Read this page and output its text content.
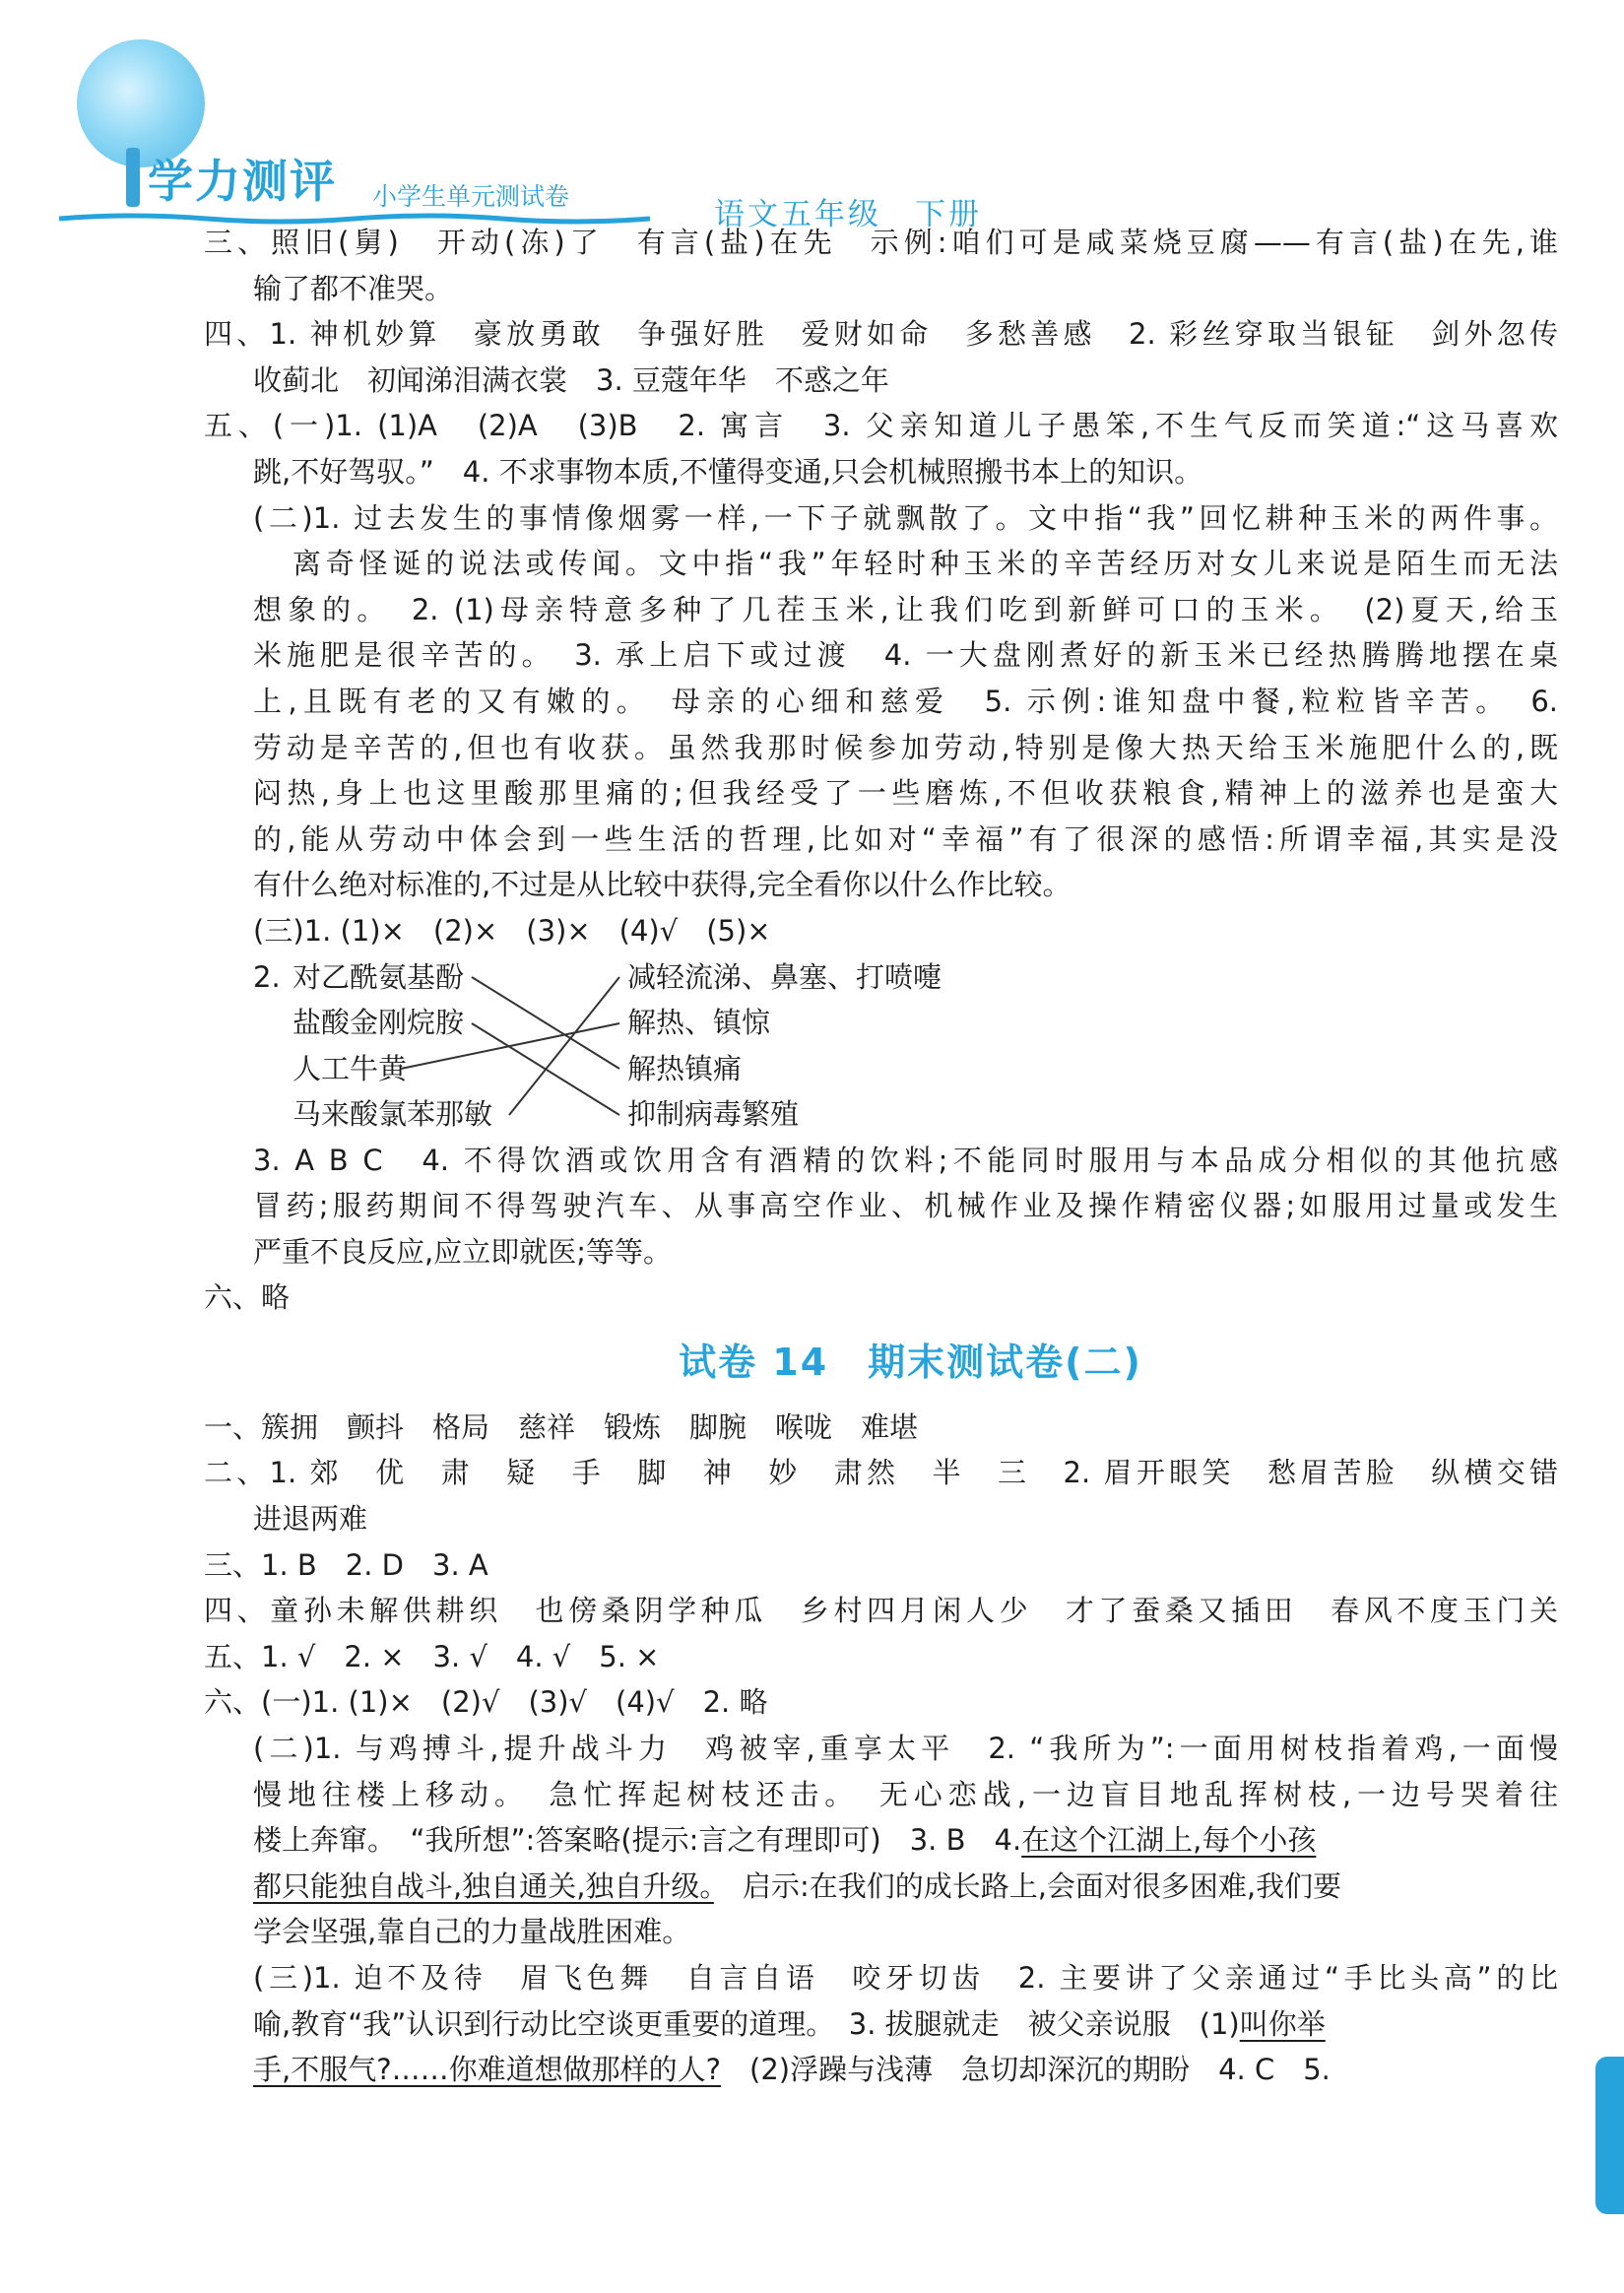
学力测评 小学生单元测试卷
语文五年级　下册
三、照旧(舅)　开动(冻)了　有言(盐)在先　示例:咱们可是咸菜烧豆腐——有言(盐)在先,谁
输了都不准哭。
四、1. 神机妙算　豪放勇敢　争强好胜　爱财如命　多愁善感　2. 彩丝穿取当银钲　剑外忽传
收蓟北　初闻涕泪满衣裳　3. 豆蔻年华　不惑之年
五、(一)1. (1)A　(2)A　(3)B　2. 寓言　3. 父亲知道儿子愚笨,不生气反而笑道:“这马喜欢
跳,不好驾驭。”　4. 不求事物本质,不懂得变通,只会机械照搬书本上的知识。
(二)1. 过去发生的事情像烟雾一样,一下子就飘散了。文中指“我”回忆耕种玉米的两件事。
离奇怪诞的说法或传闻。文中指“我”年轻时种玉米的辛苦经历对女儿来说是陌生而无法
想象的。　2. (1)母亲特意多种了几茬玉米,让我们吃到新鲜可口的玉米。　(2)夏天,给玉
米施肥是很辛苦的。　3. 承上启下或过渡　4. 一大盘刚煮好的新玉米已经热腾腾地摆在桌
上,且既有老的又有嫩的。　母亲的心细和慈爱　5. 示例:谁知盘中餐,粒粒皆辛苦。　6.
劳动是辛苦的,但也有收获。虽然我那时候参加劳动,特别是像大热天给玉米施肥什么的,既
闷热,身上也这里酸那里痛的;但我经受了一些磨炼,不但收获粮食,精神上的滋养也是蛮大
的,能从劳动中体会到一些生活的哲理,比如对“幸福”有了很深的感悟:所谓幸福,其实是没
有什么绝对标准的,不过是从比较中获得,完全看你以什么作比较。
(三)1. (1)×　(2)×　(3)×　(4)√　(5)×
2. 对乙酰氨基酚
盐酸金刚烷胺
人工牛黄
马来酸氯苯那敏
减轻流涕、鼻塞、打喷嚏
解热、镇惊
解热镇痛
抑制病毒繁殖
3. A B C　4. 不得饮酒或饮用含有酒精的饮料;不能同时服用与本品成分相似的其他抗感
冒药;服药期间不得驾驶汽车、从事高空作业、机械作业及操作精密仪器;如服用过量或发生
严重不良反应,应立即就医;等等。
六、略
试卷 14　期末测试卷(二)
一、簇拥　颤抖　格局　慈祥　锻炼　脚腕　喉咙　难堪
二、1. 郊　优　肃　疑　手　脚　神　妙　肃然　半　三　2. 眉开眼笑　愁眉苦脸　纵横交错
进退两难
三、1. B　2. D　3. A
四、童孙未解供耕织　也傍桑阴学种瓜　乡村四月闲人少　才了蚕桑又插田　春风不度玉门关
五、1. √　2. ×　3. √　4. √　5. ×
六、(一)1. (1)×　(2)√　(3)√　(4)√　2. 略
(二)1. 与鸡搏斗,提升战斗力　鸡被宰,重享太平　2. “我所为”:一面用树枝指着鸡,一面慢
慢地往楼上移动。　急忙挥起树枝还击。　无心恋战,一边盲目地乱挥树枝,一边号哭着往
楼上奔窜。　“我所想”:答案略(提示:言之有理即可)　3. B　4.在这个江湖上,每个小孩
都只能独自战斗,独自通关,独自升级。　启示:在我们的成长路上,会面对很多困难,我们要
学会坚强,靠自己的力量战胜困难。
(三)1. 迫不及待　眉飞色舞　自言自语　咬牙切齿　2. 主要讲了父亲通过“手比头高”的比
喻,教育“我”认识到行动比空谈更重要的道理。　3. 拔腿就走　被父亲说服　(1)叫你举
手,不服气?……你难道想做那样的人?　(2)浮躁与浅薄　急切却深沉的期盼　4. C　5.
